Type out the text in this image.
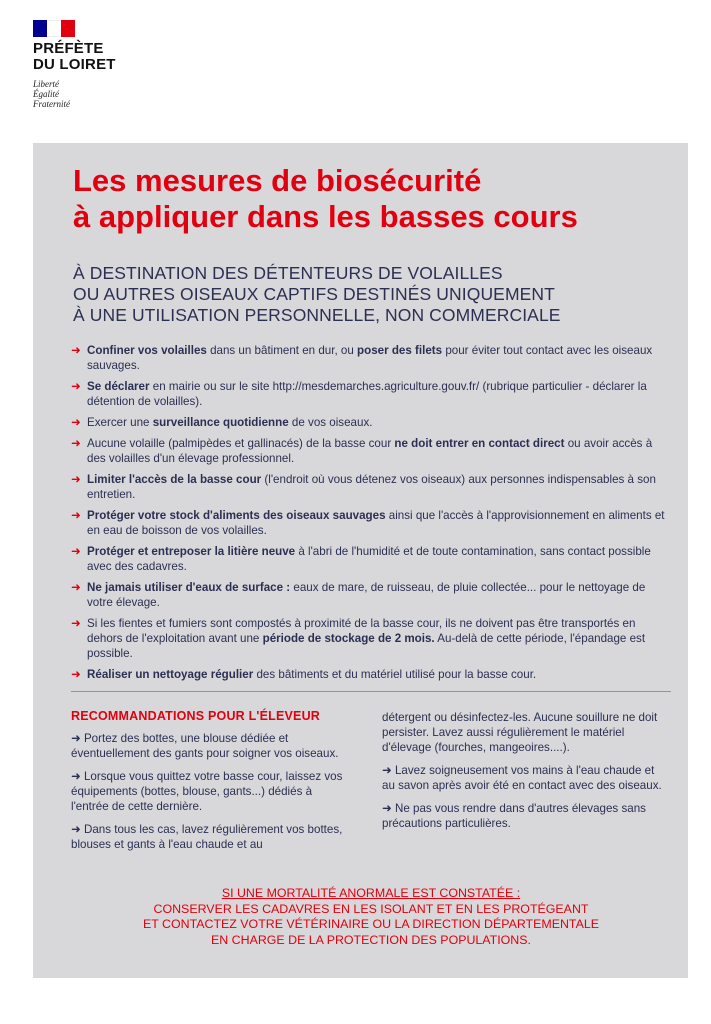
PRÉFÈTE
DU LOIRET
Liberté
Égalité
Fraternité
Les mesures de biosécurité
à appliquer dans les basses cours
À DESTINATION DES DÉTENTEURS DE VOLAILLES
OU AUTRES OISEAUX CAPTIFS DESTINÉS UNIQUEMENT
À UNE UTILISATION PERSONNELLE, NON COMMERCIALE
➜ Confiner vos volailles dans un bâtiment en dur, ou poser des filets pour éviter tout contact avec les oiseaux sauvages.
➜ Se déclarer en mairie ou sur le site http://mesdemarches.agriculture.gouv.fr/ (rubrique particulier - déclarer la détention de volailles).
➜ Exercer une surveillance quotidienne de vos oiseaux.
➜ Aucune volaille (palmipèdes et gallinacés) de la basse cour ne doit entrer en contact direct ou avoir accès à des volailles d'un élevage professionnel.
➜ Limiter l'accès de la basse cour (l'endroit où vous détenez vos oiseaux) aux personnes indispensables à son entretien.
➜ Protéger votre stock d'aliments des oiseaux sauvages ainsi que l'accès à l'approvisionnement en aliments et en eau de boisson de vos volailles.
➜ Protéger et entreposer la litière neuve à l'abri de l'humidité et de toute contamination, sans contact possible avec des cadavres.
➜ Ne jamais utiliser d'eaux de surface : eaux de mare, de ruisseau, de pluie collectée... pour le nettoyage de votre élevage.
➜ Si les fientes et fumiers sont compostés à proximité de la basse cour, ils ne doivent pas être transportés en dehors de l'exploitation avant une période de stockage de 2 mois. Au-delà de cette période, l'épandage est possible.
➜ Réaliser un nettoyage régulier des bâtiments et du matériel utilisé pour la basse cour.
RECOMMANDATIONS POUR L'ÉLEVEUR

➜ Portez des bottes, une blouse dédiée et éventuellement des gants pour soigner vos oiseaux.

➜ Lorsque vous quittez votre basse cour, laissez vos équipements (bottes, blouse, gants...) dédiés à l'entrée de cette dernière.

➜ Dans tous les cas, lavez régulièrement vos bottes, blouses et gants à l'eau chaude et au

détergent ou désinfectez-les. Aucune souillure ne doit persister. Lavez aussi régulièrement le matériel d'élevage (fourches, mangeoires....).

➜ Lavez soigneusement vos mains à l'eau chaude et au savon après avoir été en contact avec des oiseaux.

➜ Ne pas vous rendre dans d'autres élevages sans précautions particulières.

SI UNE MORTALITÉ ANORMALE EST CONSTATÉE :
CONSERVER LES CADAVRES EN LES ISOLANT ET EN LES PROTÉGEANT
ET CONTACTEZ VOTRE VÉTÉRINAIRE OU LA DIRECTION DÉPARTEMENTALE
EN CHARGE DE LA PROTECTION DES POPULATIONS.
